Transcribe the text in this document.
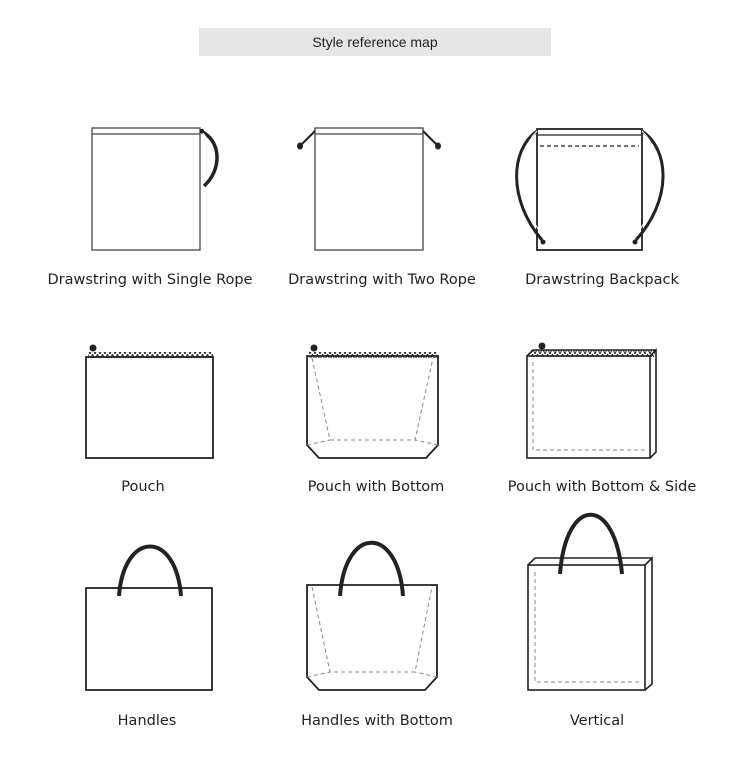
Style reference map
Drawstring with Single Rope	Drawstring with Two Rope	Drawstring Backpack
Pouch	Pouch with Bottom	Pouch with Bottom & Side
Handles	Handles with Bottom	Vertical
